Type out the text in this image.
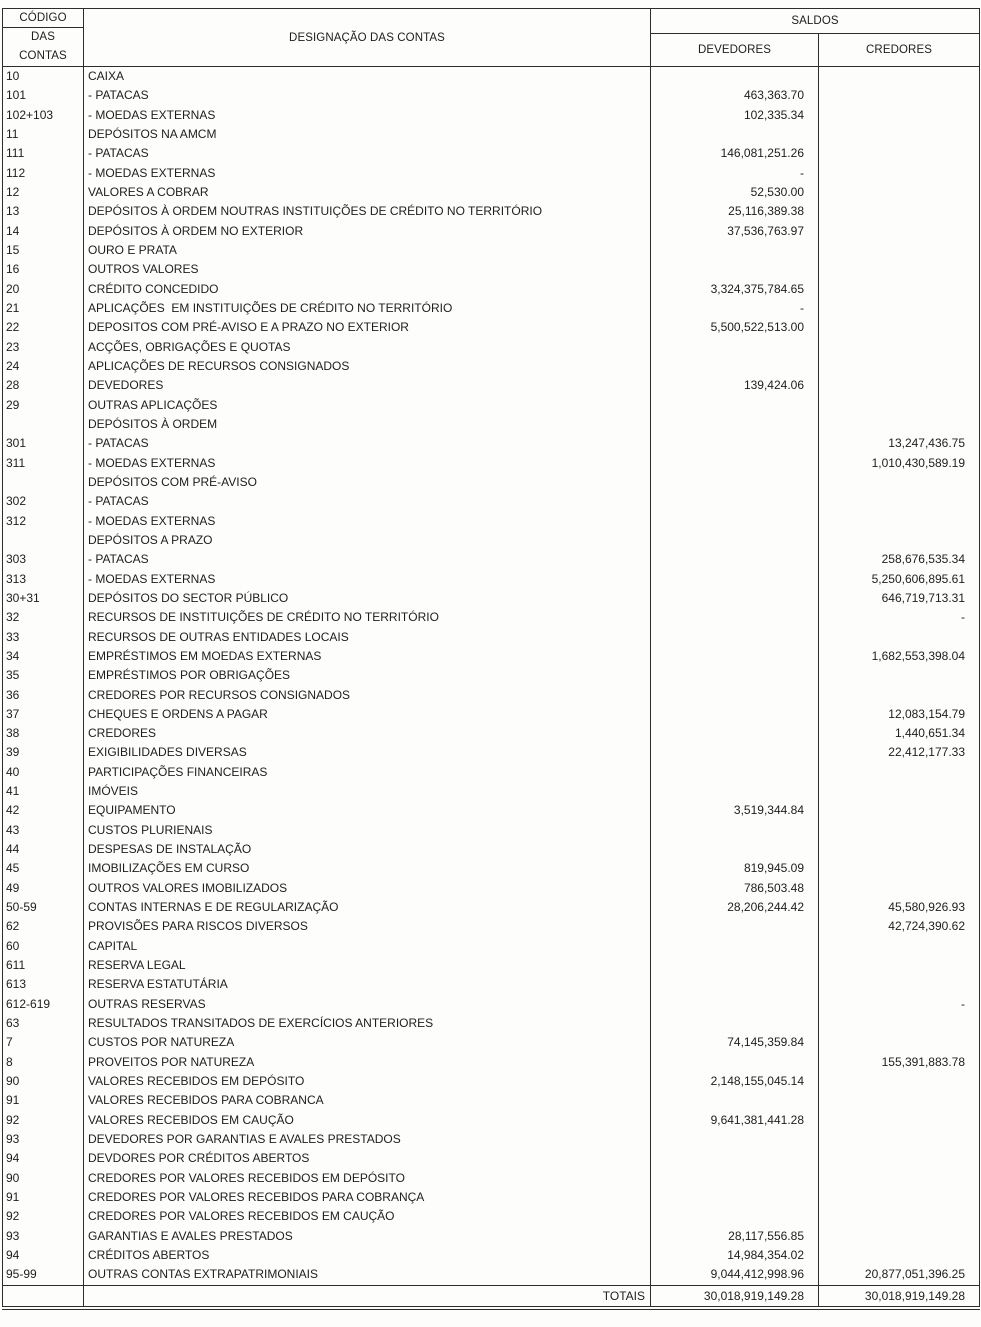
CÓDIGO
DAS
CONTAS	DESIGNAÇÃO DAS CONTAS	SALDOS	
		DEVEDORES	CREDORES
10	CAIXA		
101	- PATACAS	463,363.70	
102+103	- MOEDAS EXTERNAS	102,335.34	
11	DEPÓSITOS NA AMCM		
111	- PATACAS	146,081,251.26	
112	- MOEDAS EXTERNAS	-	
12	VALORES A COBRAR	52,530.00	
13	DEPÓSITOS À ORDEM NOUTRAS INSTITUIÇÕES DE CRÉDITO NO TERRITÓRIO	25,116,389.38	
14	DEPÓSITOS À ORDEM NO EXTERIOR	37,536,763.97	
15	OURO E PRATA		
16	OUTROS VALORES		
20	CRÉDITO CONCEDIDO	3,324,375,784.65	
21	APLICAÇÕES  EM INSTITUIÇÕES DE CRÉDITO NO TERRITÓRIO	-	
22	DEPOSITOS COM PRÉ-AVISO E A PRAZO NO EXTERIOR	5,500,522,513.00	
23	ACÇÕES, OBRIGAÇÕES E QUOTAS		
24	APLICAÇÕES DE RECURSOS CONSIGNADOS		
28	DEVEDORES	139,424.06	
29	OUTRAS APLICAÇÕES		
	DEPÓSITOS À ORDEM		
301	- PATACAS		13,247,436.75
311	- MOEDAS EXTERNAS		1,010,430,589.19
	DEPÓSITOS COM PRÉ-AVISO		
302	- PATACAS		
312	- MOEDAS EXTERNAS		
	DEPÓSITOS A PRAZO		
303	- PATACAS		258,676,535.34
313	- MOEDAS EXTERNAS		5,250,606,895.61
30+31	DEPÓSITOS DO SECTOR PÚBLICO		646,719,713.31
32	RECURSOS DE INSTITUIÇÕES DE CRÉDITO NO TERRITÓRIO		-
33	RECURSOS DE OUTRAS ENTIDADES LOCAIS		
34	EMPRÉSTIMOS EM MOEDAS EXTERNAS		1,682,553,398.04
35	EMPRÉSTIMOS POR OBRIGAÇÕES		
36	CREDORES POR RECURSOS CONSIGNADOS		
37	CHEQUES E ORDENS A PAGAR		12,083,154.79
38	CREDORES		1,440,651.34
39	EXIGIBILIDADES DIVERSAS		22,412,177.33
40	PARTICIPAÇÕES FINANCEIRAS		
41	IMÓVEIS		
42	EQUIPAMENTO	3,519,344.84	
43	CUSTOS PLURIENAIS		
44	DESPESAS DE INSTALAÇÃO		
45	IMOBILIZAÇÕES EM CURSO	819,945.09	
49	OUTROS VALORES IMOBILIZADOS	786,503.48	
50-59	CONTAS INTERNAS E DE REGULARIZAÇÃO	28,206,244.42	45,580,926.93
62	PROVISÕES PARA RISCOS DIVERSOS		42,724,390.62
60	CAPITAL		
611	RESERVA LEGAL		
613	RESERVA ESTATUTÁRIA		
612-619	OUTRAS RESERVAS		-
63	RESULTADOS TRANSITADOS DE EXERCÍCIOS ANTERIORES		
7	CUSTOS POR NATUREZA	74,145,359.84	
8	PROVEITOS POR NATUREZA		155,391,883.78
90	VALORES RECEBIDOS EM DEPÓSITO	2,148,155,045.14	
91	VALORES RECEBIDOS PARA COBRANCA		
92	VALORES RECEBIDOS EM CAUÇÃO	9,641,381,441.28	
93	DEVEDORES POR GARANTIAS E AVALES PRESTADOS		
94	DEVDORES POR CRÉDITOS ABERTOS		
90	CREDORES POR VALORES RECEBIDOS EM DEPÓSITO		
91	CREDORES POR VALORES RECEBIDOS PARA COBRANÇA		
92	CREDORES POR VALORES RECEBIDOS EM CAUÇÃO		
93	GARANTIAS E AVALES PRESTADOS	28,117,556.85	
94	CRÉDITOS ABERTOS	14,984,354.02	
95-99	OUTRAS CONTAS EXTRAPATRIMONIAIS	9,044,412,998.96	20,877,051,396.25
	TOTAIS	30,018,919,149.28	30,018,919,149.28
